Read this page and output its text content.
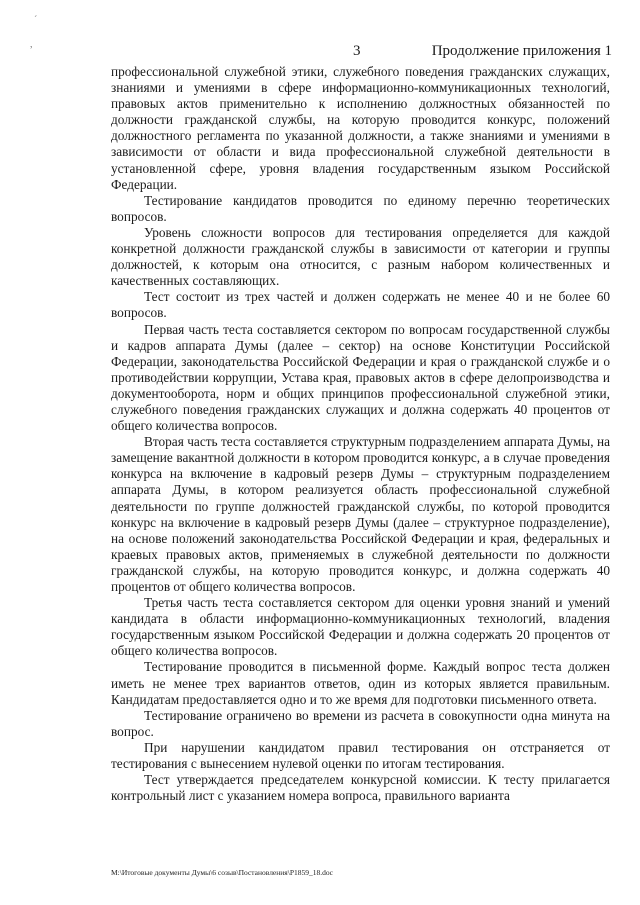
´
,	3	Продолжение приложения 1

профессиональной служебной этики, служебного поведения гражданских служащих, знаниями и умениями в сфере информационно-коммуникационных технологий, правовых актов применительно к исполнению должностных обязанностей по должности гражданской службы, на которую проводится конкурс, положений должностного регламента по указанной должности, а также знаниями и умениями в зависимости от области и вида профессиональной служебной деятельности в установленной сфере, уровня владения государственным языком Российской Федерации.

Тестирование кандидатов проводится по единому перечню теоретических вопросов.

Уровень сложности вопросов для тестирования определяется для каждой конкретной должности гражданской службы в зависимости от категории и группы должностей, к которым она относится, с разным набором количественных и качественных составляющих.

Тест состоит из трех частей и должен содержать не менее 40 и не более 60 вопросов.

Первая часть теста составляется сектором по вопросам государственной службы и кадров аппарата Думы (далее – сектор) на основе Конституции Российской Федерации, законодательства Российской Федерации и края о гражданской службе и о противодействии коррупции, Устава края, правовых актов в сфере делопроизводства и документооборота, норм и общих принципов профессиональной служебной этики, служебного поведения гражданских служащих и должна содержать 40 процентов от общего количества вопросов.

Вторая часть теста составляется структурным подразделением аппарата Думы, на замещение вакантной должности в котором проводится конкурс, а в случае проведения конкурса на включение в кадровый резерв Думы – структурным подразделением аппарата Думы, в котором реализуется область профессиональной служебной деятельности по группе должностей гражданской службы, по которой проводится конкурс на включение в кадровый резерв Думы (далее – структурное подразделение), на основе положений законодательства Российской Федерации и края, федеральных и краевых правовых актов, применяемых в служебной деятельности по должности гражданской службы, на которую проводится конкурс, и должна содержать 40 процентов от общего количества вопросов.

Третья часть теста составляется сектором для оценки уровня знаний и умений кандидата в области информационно-коммуникационных технологий, владения государственным языком Российской Федерации и должна содержать 20 процентов от общего количества вопросов.

Тестирование проводится в письменной форме. Каждый вопрос теста должен иметь не менее трех вариантов ответов, один из которых является правильным. Кандидатам предоставляется одно и то же время для подготовки письменного ответа.

Тестирование ограничено во времени из расчета в совокупности одна минута на вопрос.

При нарушении кандидатом правил тестирования он отстраняется от тестирования с вынесением нулевой оценки по итогам тестирования.

Тест утверждается председателем конкурсной комиссии. К тесту прилагается контрольный лист с указанием номера вопроса, правильного варианта

M:\Итоговые документы Думы\6 созыв\Постановления\P1859_18.doc
